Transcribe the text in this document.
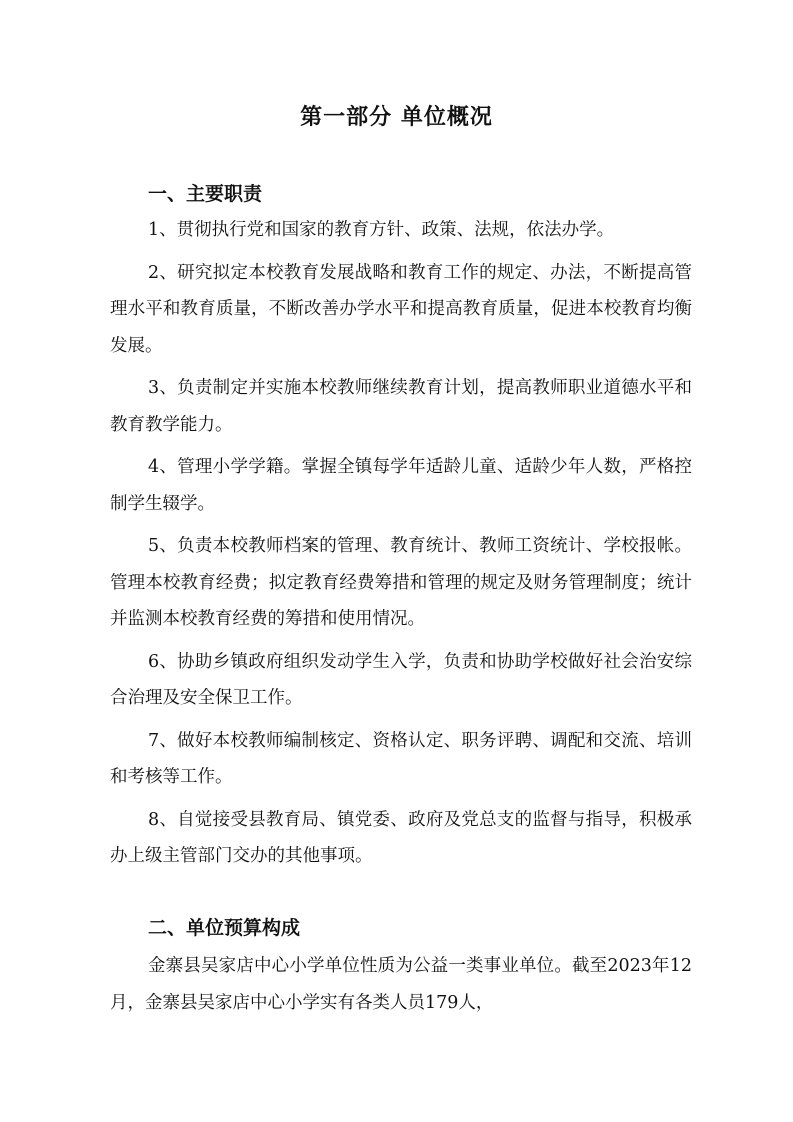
第一部分 单位概况
一、主要职责

1、贯彻执行党和国家的教育方针、政策、法规，依法办学。

2、研究拟定本校教育发展战略和教育工作的规定、办法，不断提高管理水平和教育质量，不断改善办学水平和提高教育质量，促进本校教育均衡发展。

3、负责制定并实施本校教师继续教育计划，提高教师职业道德水平和教育教学能力。

4、管理小学学籍。掌握全镇每学年适龄儿童、适龄少年人数，严格控制学生辍学。

5、负责本校教师档案的管理、教育统计、教师工资统计、学校报帐。管理本校教育经费；拟定教育经费筹措和管理的规定及财务管理制度；统计并监测本校教育经费的筹措和使用情况。

6、协助乡镇政府组织发动学生入学，负责和协助学校做好社会治安综合治理及安全保卫工作。

7、做好本校教师编制核定、资格认定、职务评聘、调配和交流、培训和考核等工作。

8、自觉接受县教育局、镇党委、政府及党总支的监督与指导，积极承办上级主管部门交办的其他事项。

二、单位预算构成

金寨县吴家店中心小学单位性质为公益一类事业单位。截至2023年12月，金寨县吴家店中心小学实有各类人员179人，
